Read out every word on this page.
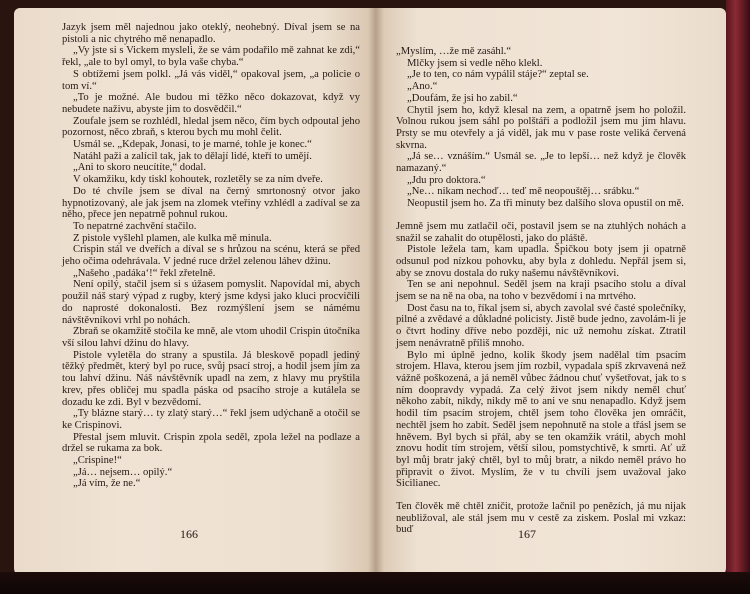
Jazyk jsem měl najednou jako oteklý, neohebný. Díval jsem se na pistoli a nic chytrého mě nenapadlo.

„Vy jste si s Vickem mysleli, že se vám podařilo mě zahnat ke zdi,“ řekl, „ale to byl omyl, to byla vaše chyba.“

S obtížemi jsem polkl. „Já vás viděl,“ opakoval jsem, „a policie o tom ví.“

„To je možné. Ale budou mi těžko něco dokazovat, když vy nebudete naživu, abyste jim to dosvědčil.“

Zoufale jsem se rozhlédl, hledal jsem něco, čím bych odpoutal jeho pozornost, něco zbraň, s kterou bych mu mohl čelit.

Usmál se. „Kdepak, Jonasi, to je marné, tohle je konec.“

Natáhl paži a zalícil tak, jak to dělají lidé, kteří to umějí.

„Ani to skoro neucítíte,“ dodal.

V okamžiku, kdy tiskl kohoutek, rozletěly se za ním dveře.

Do té chvíle jsem se díval na černý smrtonosný otvor jako hypnotizovaný, ale jak jsem na zlomek vteřiny vzhlédl a zadíval se za něho, přece jen nepatrně pohnul rukou.

To nepatrné zachvění stačilo.

Z pistole vyšlehl plamen, ale kulka mě minula.

Crispin stál ve dveřích a díval se s hrůzou na scénu, která se před jeho očima odehrávala. V jedné ruce držel zelenou láhev džinu.

„Našeho ‚padáka‘!“ řekl zřetelně.

Není opilý, stačil jsem si s úžasem pomyslit. Napovídal mi, abych použil náš starý výpad z rugby, který jsme kdysi jako kluci procvičili do naprosté dokonalosti. Bez rozmýšlení jsem se námému návštěvníkovi vrhl po nohách.

Zbraň se okamžitě stočila ke mně, ale vtom uhodil Crispin útočníka vší silou lahví džinu do hlavy.

Pistole vyletěla do strany a spustila. Já bleskově popadl jediný těžký předmět, který byl po ruce, svůj psací stroj, a hodil jsem jím za tou lahví džinu. Náš návštěvník upadl na zem, z hlavy mu pryštila krev, přes obličej mu spadla páska od psacího stroje a kutálela se dozadu ke zdi. Byl v bezvědomí.

„Ty blázne starý… ty zlatý starý…“ řekl jsem udýchaně a otočil se ke Crispinovi.

Přestal jsem mluvit. Crispin zpola seděl, zpola ležel na podlaze a držel se rukama za bok.

„Crispine!“

„Já… nejsem… opilý.“

„Já vím, že ne.“

166

„Myslím, …že mě zasáhl.“

Mlčky jsem si vedle něho klekl.

„Je to ten, co nám vypálil stáje?“ zeptal se.

„Ano.“

„Doufám, že jsi ho zabil.“

Chytil jsem ho, když klesal na zem, a opatrně jsem ho položil. Volnou rukou jsem sáhl po polštáři a podložil jsem mu jím hlavu. Prsty se mu otevřely a já viděl, jak mu v pase roste veliká červená skvrna.

„Já se… vznáším.“ Usmál se. „Je to lepší… než když je člověk namazaný.“

„Jdu pro doktora.“

„Ne… nikam nechoď… teď mě neopouštěj… srábku.“

Neopustil jsem ho. Za tři minuty bez dalšího slova opustil on mě.

Jemně jsem mu zatlačil oči, postavil jsem se na ztuhlých nohách a snažil se zahalit do otupělosti, jako do pláště.

Pistole ležela tam, kam upadla. Špičkou boty jsem ji opatrně odsunul pod nízkou pohovku, aby byla z dohledu. Nepřál jsem si, aby se znovu dostala do ruky našemu návštěvníkovi.

Ten se ani nepohnul. Seděl jsem na kraji psacího stolu a díval jsem se na ně na oba, na toho v bezvědomí i na mrtvého.

Dost času na to, říkal jsem si, abych zavolal své časté společníky, pilné a zvědavé a důkladné policisty. Jistě bude jedno, zavolám-li je o čtvrt hodiny dříve nebo později, nic už nemohu získat. Ztratil jsem nenávratně příliš mnoho.

Bylo mi úplně jedno, kolik škody jsem nadělal tím psacím strojem. Hlava, kterou jsem jím rozbil, vypadala spíš zkrvavená než vážně poškozená, a já neměl vůbec žádnou chuť vyšetřovat, jak to s ním doopravdy vypadá. Za celý život jsem nikdy neměl chuť někoho zabít, nikdy, nikdy mě to ani ve snu nenapadlo. Když jsem hodil tím psacím strojem, chtěl jsem toho člověka jen omráčit, nechtěl jsem ho zabít. Seděl jsem nepohnutě na stole a třásl jsem se hněvem. Byl bych si přál, aby se ten okamžik vrátil, abych mohl znovu hodit tím strojem, větší silou, pomstychtivě, k smrti. Ať už byl můj bratr jaký chtěl, byl to můj bratr, a nikdo neměl právo ho připravit o život. Myslím, že v tu chvíli jsem uvažoval jako Sicilianec.

Ten člověk mě chtěl zničit, protože lačnil po penězích, já mu nijak neubližoval, ale stál jsem mu v cestě za ziskem. Poslal mi vzkaz: buď	167
